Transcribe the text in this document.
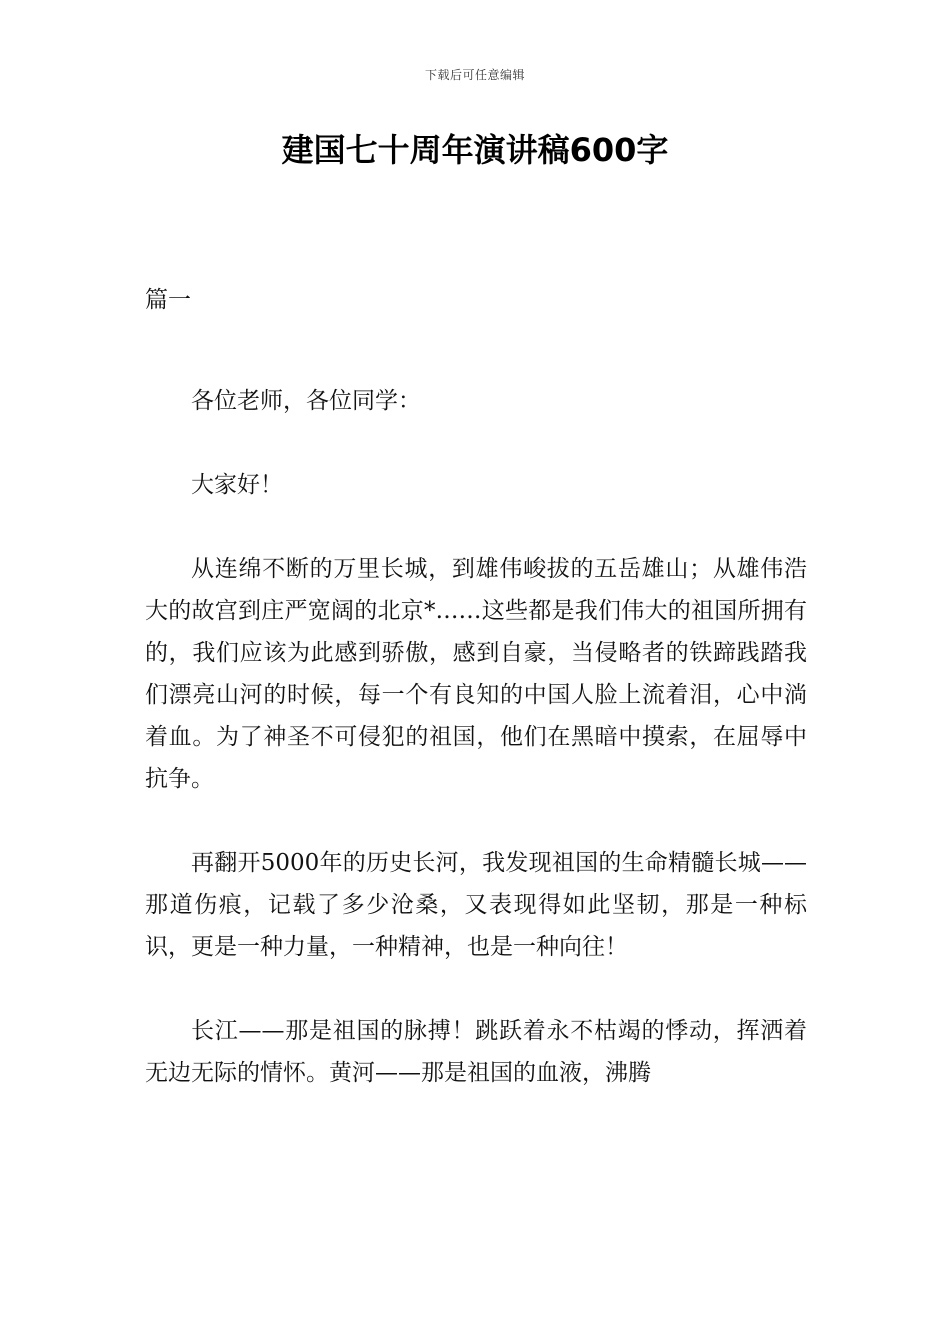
下载后可任意编辑
建国七十周年演讲稿600字
篇一

各位老师，各位同学：

大家好！

从连绵不断的万里长城，到雄伟峻拔的五岳雄山；从雄伟浩大的故宫到庄严宽阔的北京*……这些都是我们伟大的祖国所拥有的，我们应该为此感到骄傲，感到自豪，当侵略者的铁蹄践踏我们漂亮山河的时候，每一个有良知的中国人脸上流着泪，心中淌着血。为了神圣不可侵犯的祖国，他们在黑暗中摸索，在屈辱中抗争。

再翻开5000年的历史长河，我发现祖国的生命精髓长城——那道伤痕，记载了多少沧桑，又表现得如此坚韧，那是一种标识，更是一种力量，一种精神，也是一种向往！

长江——那是祖国的脉搏！跳跃着永不枯竭的悸动，挥洒着无边无际的情怀。黄河——那是祖国的血液，沸腾
